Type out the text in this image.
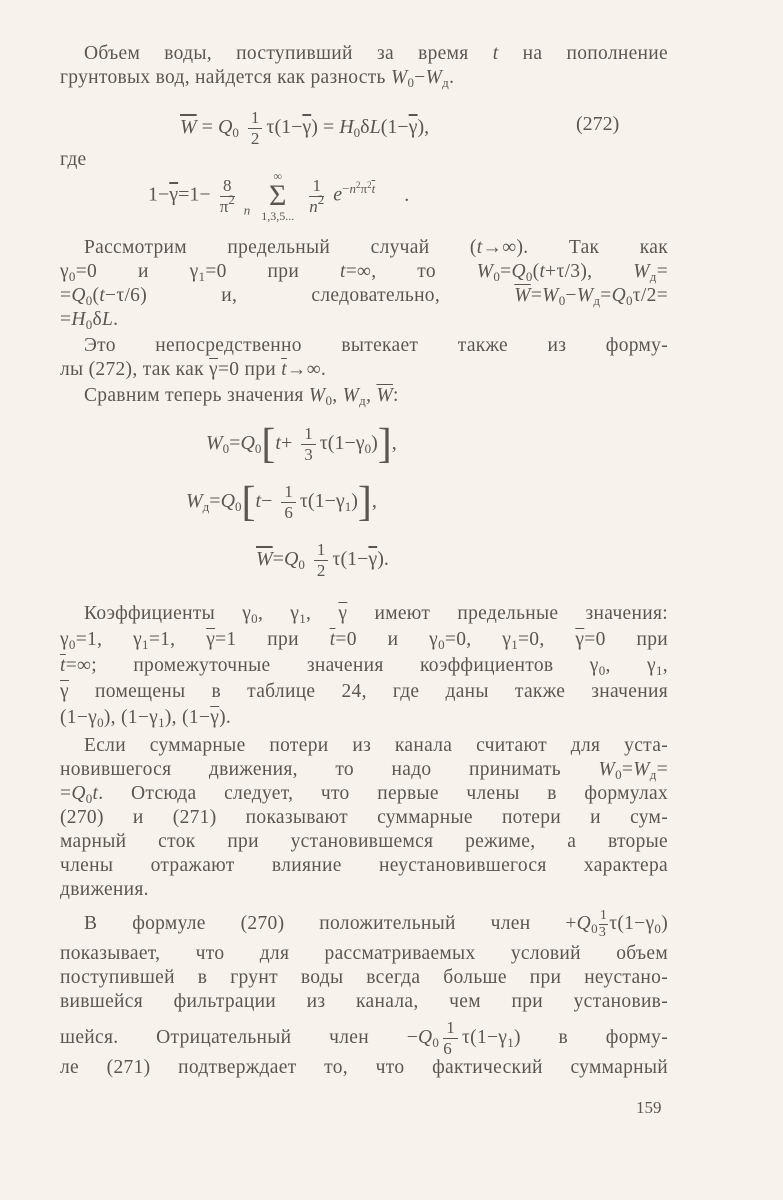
Объем воды, поступивший за время t на пополнение
грунтовых вод, найдется как разность $W_0-W_д$.
$\overline{W} = Q_0 \frac{1}{2} \tau(1-\overline{\gamma}) = H_0\delta L(1-\overline{\gamma})$,	(272)
где
$1-\overline{\gamma}=1- \frac{8}{\pi^2} _n$
∞
Σ
1,3,5...
$\frac{1}{n^2} e^{-n^2\pi^2\overline{t}}$ .
Рассмотрим предельный случай (t→∞). Так как
$\gamma_0=0$ и $\gamma_1=0$ при t=∞, то $W_0=Q_0(t+\tau/3)$, $W_д=$
$=Q_0(t-\tau/6)$ и, следовательно, $\overline{W}=W_0-W_д=Q_0\tau/2=$
$=H_0\delta L$.
Это непосредственно вытекает также из форму-
лы (272), так как $\overline{\gamma}=0$ при $\overline{t}\to\infty$.
Сравним теперь значения $W_0$, $W_д$, $\overline{W}$:
$W_0=Q_0[t+ \frac{1}{3} \tau(1-\gamma_0)]$,
$W_д=Q_0[t- \frac{1}{6} \tau(1-\gamma_1)]$,
$\overline{W}=Q_0 \frac{1}{2} \tau(1-\overline{\gamma})$.
Коэффициенты $\gamma_0$, $\gamma_1$, $\overline{\gamma}$ имеют предельные значения:
$\gamma_0=1$, $\gamma_1=1$, $\overline{\gamma}=1$ при $\overline{t}=0$ и $\gamma_0=0$, $\gamma_1=0$, $\overline{\gamma}=0$ при
$\overline{t}=\infty$; промежуточные значения коэффициентов $\gamma_0$, $\gamma_1$,
$\overline{\gamma}$ помещены в таблице 24, где даны также значения
$(1-\gamma_0)$, $(1-\gamma_1)$, $(1-\overline{\gamma})$.
Если суммарные потери из канала считают для уста-
новившегося движения, то надо принимать $W_0=W_д=$
$=Q_0t$. Отсюда следует, что первые члены в формулах
(270) и (271) показывают суммарные потери и сум-
марный сток при установившемся режиме, а вторые
члены отражают влияние неустановившегося характера
движения.
В формуле (270) положительный член $+Q_0 \frac{1}{3} \tau(1-\gamma_0)$
показывает, что для рассматриваемых условий объем
поступившей в грунт воды всегда больше при неустано-
вившейся фильтрации из канала, чем при установив-
шейся. Отрицательный член $-Q_0 \frac{1}{6} \tau(1-\gamma_1)$ в форму-
ле (271) подтверждает то, что фактический суммарный
159
